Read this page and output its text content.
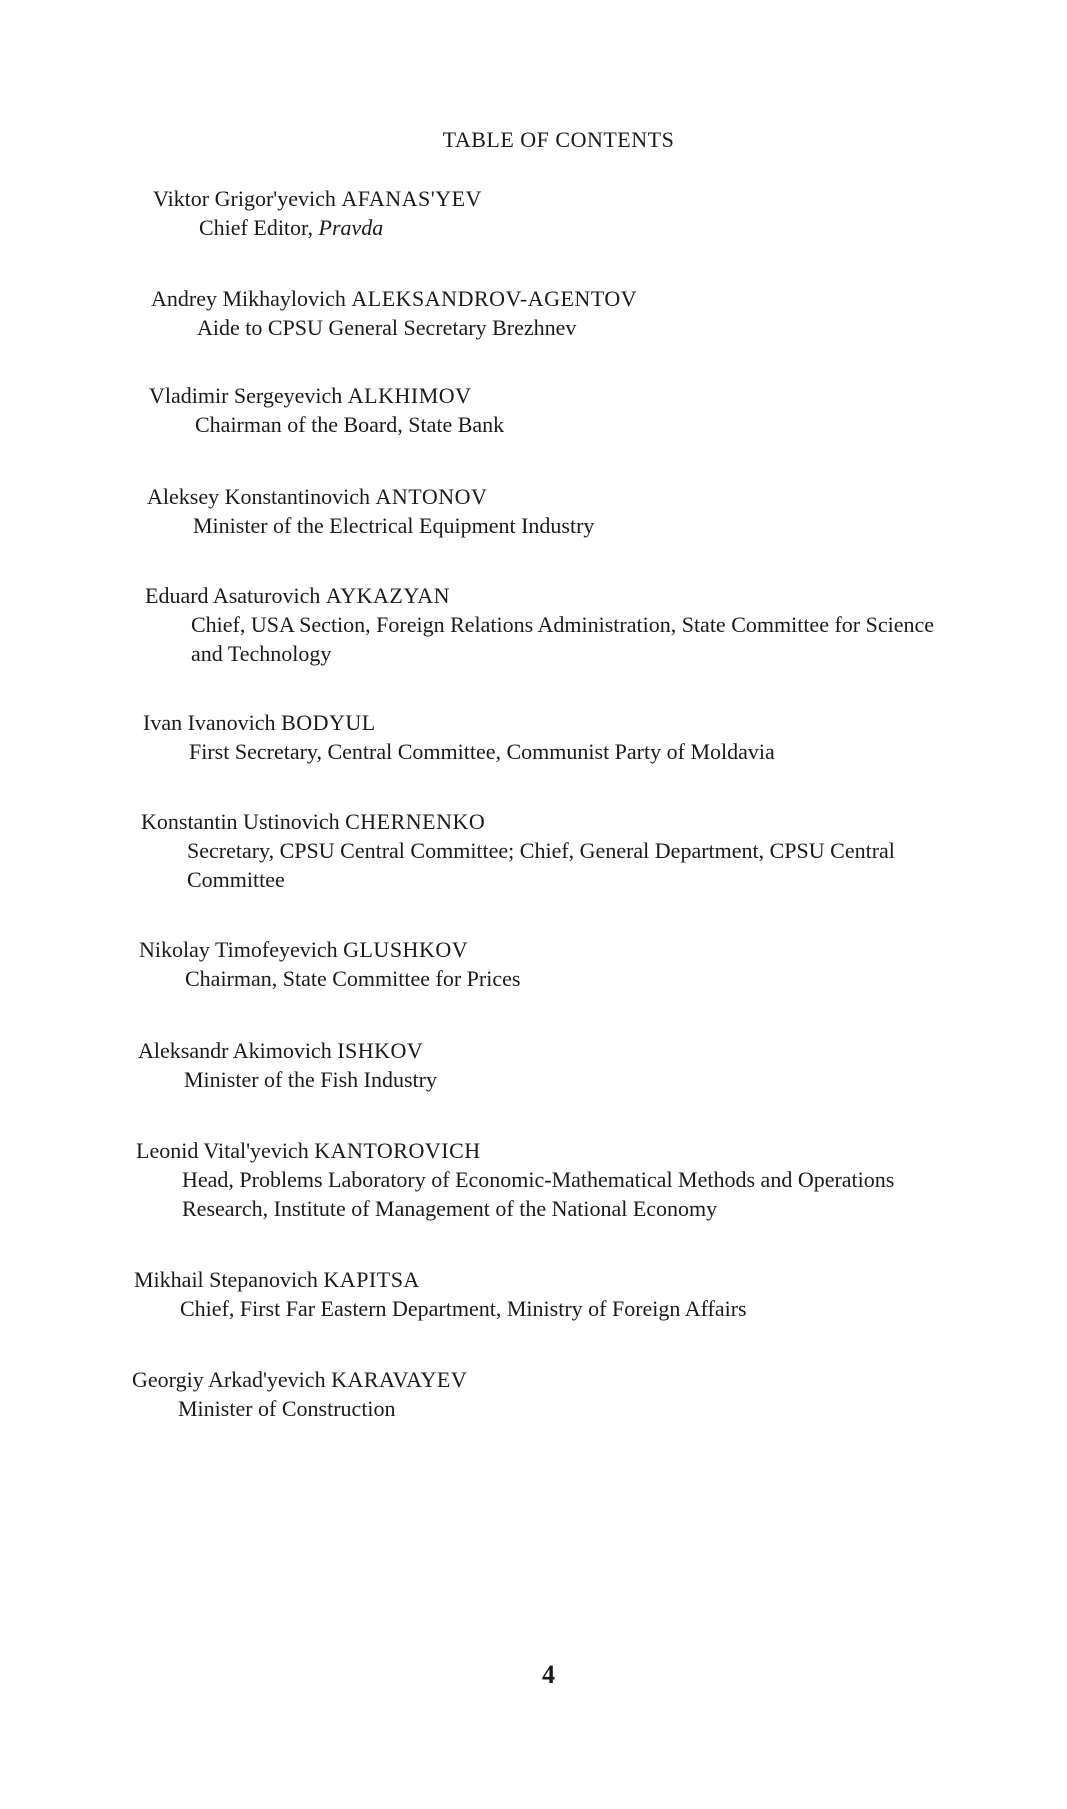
TABLE OF CONTENTS
Viktor Grigor'yevich AFANAS'YEV
Chief Editor, Pravda
Andrey Mikhaylovich ALEKSANDROV-AGENTOV
Aide to CPSU General Secretary Brezhnev
Vladimir Sergeyevich ALKHIMOV
Chairman of the Board, State Bank
Aleksey Konstantinovich ANTONOV
Minister of the Electrical Equipment Industry
Eduard Asaturovich AYKAZYAN
Chief, USA Section, Foreign Relations Administration, State Committee for Science and Technology
Ivan Ivanovich BODYUL
First Secretary, Central Committee, Communist Party of Moldavia
Konstantin Ustinovich CHERNENKO
Secretary, CPSU Central Committee; Chief, General Department, CPSU Central Committee
Nikolay Timofeyevich GLUSHKOV
Chairman, State Committee for Prices
Aleksandr Akimovich ISHKOV
Minister of the Fish Industry
Leonid Vital'yevich KANTOROVICH
Head, Problems Laboratory of Economic-Mathematical Methods and Operations Research, Institute of Management of the National Economy
Mikhail Stepanovich KAPITSA
Chief, First Far Eastern Department, Ministry of Foreign Affairs
Georgiy Arkad'yevich KARAVAYEV
Minister of Construction
4
